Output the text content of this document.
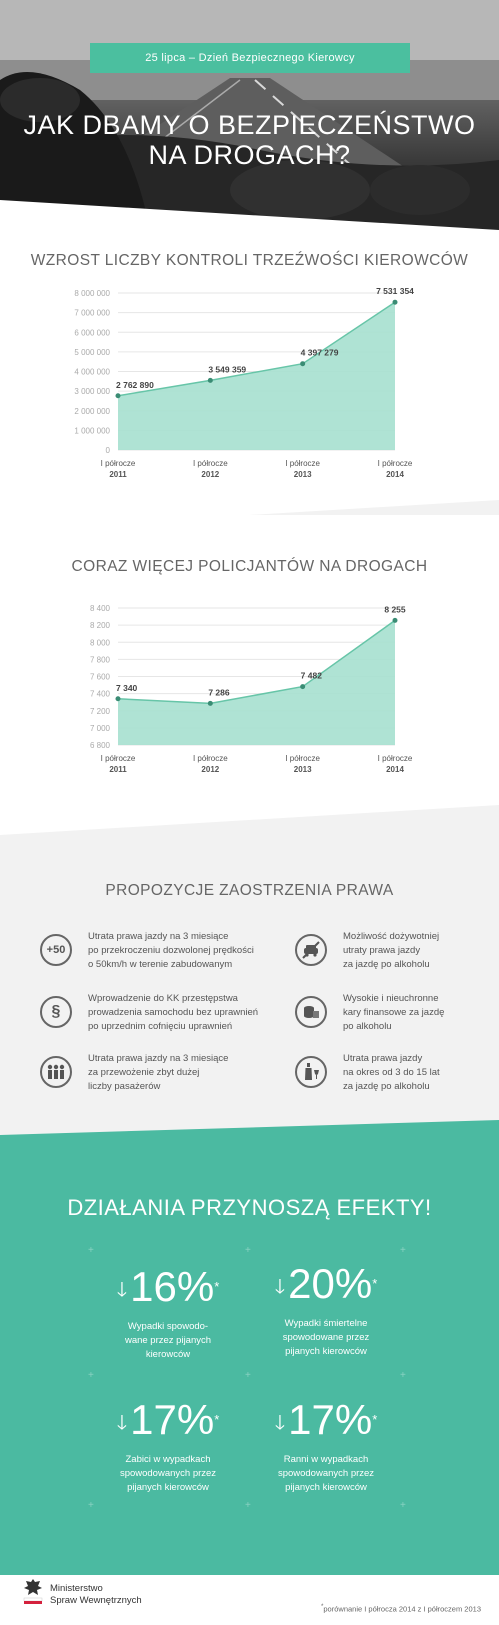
25 lipca – Dzień Bezpiecznego Kierowcy
JAK DBAMY O BEZPIECZEŃSTWO
NA DROGACH?
WZROST LICZBY KONTROLI TRZEŹWOŚCI KIEROWCÓW
0
1 000 000
2 000 000
3 000 000
4 000 000
5 000 000
6 000 000
7 000 000
8 000 000
2 762 890
I półrocze
2011
3 549 359
I półrocze
2012
4 397 279
I półrocze
2013
7 531 354
I półrocze
2014
CORAZ WIĘCEJ POLICJANTÓW NA DROGACH
6 800
7 000
7 200
7 400
7 600
7 800
8 000
8 200
8 400
7 340
I półrocze
2011
7 286
I półrocze
2012
7 482
I półrocze
2013
8 255
I półrocze
2014
PROPOZYCJE ZAOSTRZENIA PRAWA
+50
Utrata prawa jazdy na 3 miesiące
po przekroczeniu dozwolonej prędkości
o 50km/h w terenie zabudowanym
Możliwość dożywotniej
utraty prawa jazdy
za jazdę po alkoholu
§
Wprowadzenie do KK przestępstwa
prowadzenia samochodu bez uprawnień
po uprzednim cofnięciu uprawnień
Wysokie i nieuchronne
kary finansowe za jazdę
po alkoholu
Utrata prawa jazdy na 3 miesiące
za przewożenie zbyt dużej
liczby pasażerów
Utrata prawa jazdy
na okres od 3 do 15 lat
za jazdę po alkoholu
DZIAŁANIA PRZYNOSZĄ EFEKTY!
+	+	+
+	+	+
+	+	+
🡓16%*
Wypadki spowodo-
wane przez pijanych
kierowców
🡓20%*
Wypadki śmiertelne
spowodowane przez
pijanych kierowców
🡓17%*
Zabici w wypadkach
spowodowanych przez
pijanych kierowców
🡓17%*
Ranni w wypadkach
spowodowanych przez
pijanych kierowców
Ministerstwo
Spraw Wewnętrznych
*porównanie I półrocza 2014 z I półroczem 2013
